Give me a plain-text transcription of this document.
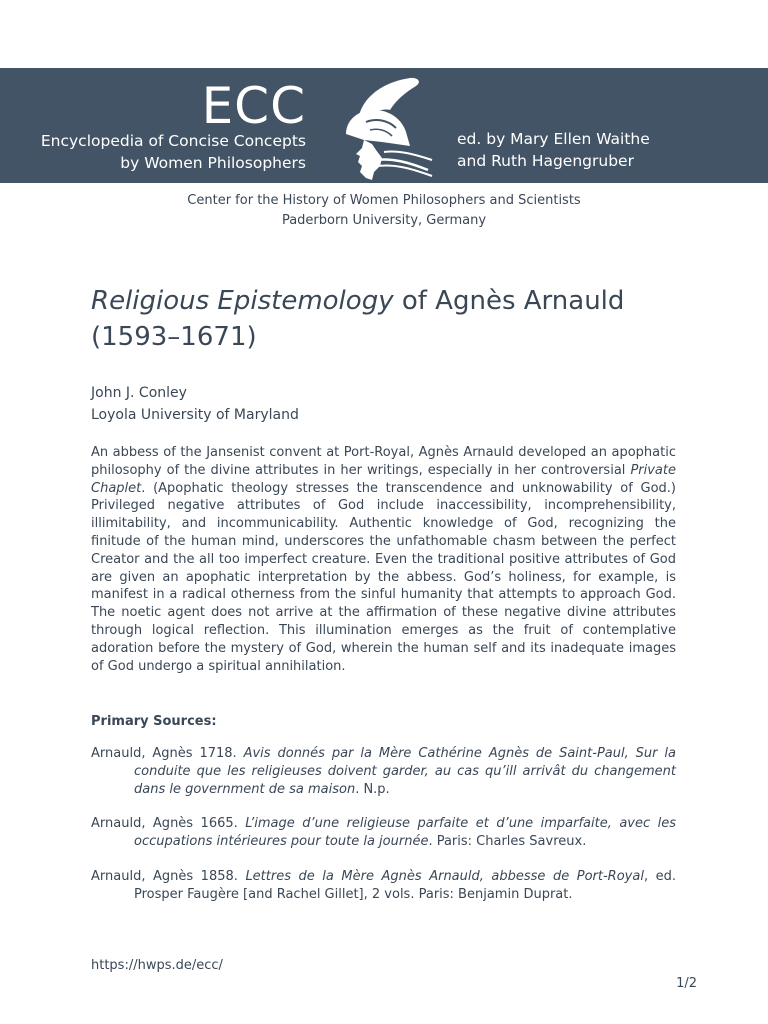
ECC
Encyclopedia of Concise Concepts
by Women Philosophers
ed. by Mary Ellen Waithe
and Ruth Hagengruber
Center for the History of Women Philosophers and Scientists
Paderborn University, Germany
Religious Epistemology of Agnès Arnauld (1593–1671)
John J. Conley
Loyola University of Maryland

An abbess of the Jansenist convent at Port-Royal, Agnès Arnauld developed an apophatic philosophy of the divine attributes in her writings, especially in her controversial Private Chaplet. (Apophatic theology stresses the transcendence and unknowability of God.) Privileged negative attributes of God include inaccessibility, incomprehensibility, illimitability, and incommunicability. Authentic knowledge of God, recognizing the finitude of the human mind, underscores the unfathomable chasm between the perfect Creator and the all too imperfect creature. Even the traditional positive attributes of God are given an apophatic interpretation by the abbess. God’s holiness, for example, is manifest in a radical otherness from the sinful humanity that attempts to approach God. The noetic agent does not arrive at the affirmation of these negative divine attributes through logical reflection. This illumination emerges as the fruit of contemplative adoration before the mystery of God, wherein the human self and its inadequate images of God undergo a spiritual annihilation.

Primary Sources:

Arnauld, Agnès 1718. Avis donnés par la Mère Cathérine Agnès de Saint-Paul, Sur la conduite que les religieuses doivent garder, au cas qu’ill arrivât du changement dans le government de sa maison. N.p.

Arnauld, Agnès 1665. L’image d’une religieuse parfaite et d’une imparfaite, avec les occupations intérieures pour toute la journée. Paris: Charles Savreux.

Arnauld, Agnès 1858. Lettres de la Mère Agnès Arnauld, abbesse de Port-Royal, ed. Prosper Faugère [and Rachel Gillet], 2 vols. Paris: Benjamin Duprat.

https://hwps.de/ecc/
1/2
